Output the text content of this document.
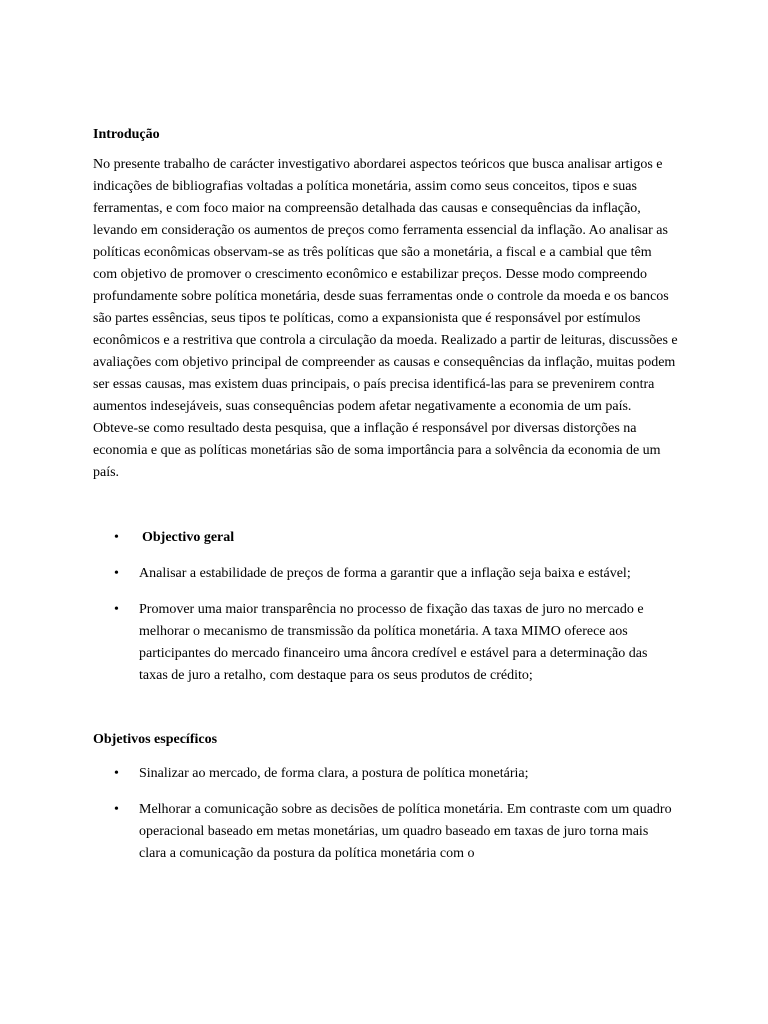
Introdução

No presente trabalho de carácter investigativo abordarei aspectos teóricos que busca analisar artigos e indicações de bibliografias voltadas a política monetária, assim como seus conceitos, tipos e suas ferramentas, e com foco maior na compreensão detalhada das causas e consequências da inflação, levando em consideração os aumentos de preços como ferramenta essencial da inflação. Ao analisar as políticas econômicas observam-se as três políticas que são a monetária, a fiscal e a cambial que têm com objetivo de promover o crescimento econômico e estabilizar preços. Desse modo compreendo profundamente sobre política monetária, desde suas ferramentas onde o controle da moeda e os bancos são partes essências, seus tipos te políticas, como a expansionista que é responsável por estímulos econômicos e a restritiva que controla a circulação da moeda. Realizado a partir de leituras, discussões e avaliações com objetivo principal de compreender as causas e consequências da inflação, muitas podem ser essas causas, mas existem duas principais, o país precisa identificá-las para se prevenirem contra aumentos indesejáveis, suas consequências podem afetar negativamente a economia de um país. Obteve-se como resultado desta pesquisa, que a inflação é responsável por diversas distorções na economia e que as políticas monetárias são de soma importância para a solvência da economia de um país.

• Objectivo geral
• Analisar a estabilidade de preços de forma a garantir que a inflação seja baixa e estável;
• Promover uma maior transparência no processo de fixação das taxas de juro no mercado e melhorar o mecanismo de transmissão da política monetária. A taxa MIMO oferece aos participantes do mercado financeiro uma âncora credível e estável para a determinação das taxas de juro a retalho, com destaque para os seus produtos de crédito;

Objetivos específicos

• Sinalizar ao mercado, de forma clara, a postura de política monetária;
• Melhorar a comunicação sobre as decisões de política monetária. Em contraste com um quadro operacional baseado em metas monetárias, um quadro baseado em taxas de juro torna mais clara a comunicação da postura da política monetária com o
